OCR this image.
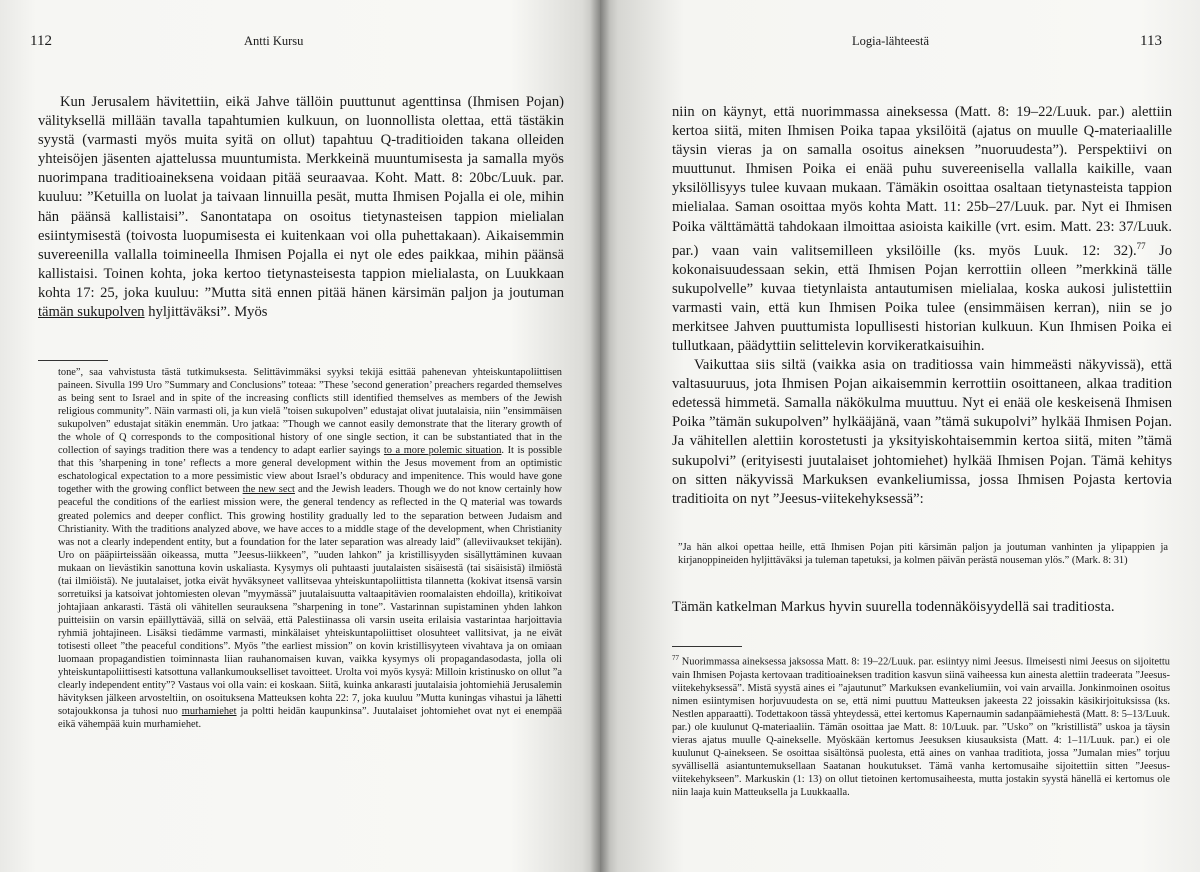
112	Antti Kursu

Kun Jerusalem hävitettiin, eikä Jahve tällöin puuttunut agenttinsa (Ihmisen Pojan) välityksellä millään tavalla tapahtumien kulkuun, on luonnollista olettaa, että tästäkin syystä (varmasti myös muita syitä on ollut) tapahtuu Q-traditioiden takana olleiden yhteisöjen jäsenten ajattelussa muuntumista. Merkkeinä muuntumisesta ja samalla myös nuorimpana traditioaineksena voidaan pitää seuraavaa. Koht. Matt. 8: 20bc/Luuk. par. kuuluu: ”Ketuilla on luolat ja taivaan linnuilla pesät, mutta Ihmisen Pojalla ei ole, mihin hän päänsä kallistaisi”. Sanontatapa on osoitus tietynasteisen tappion mielialan esiintymisestä (toivosta luopumisesta ei kuitenkaan voi olla puhettakaan). Aikaisemmin suvereenilla vallalla toimineella Ihmisen Pojalla ei nyt ole edes paikkaa, mihin päänsä kallistaisi. Toinen kohta, joka kertoo tietynasteisesta tappion mielialasta, on Luukkaan kohta 17: 25, joka kuuluu: ”Mutta sitä ennen pitää hänen kärsimän paljon ja joutuman tämän sukupolven hyljittäväksi”. Myös

tone”, saa vahvistusta tästä tutkimuksesta. Selittävimmäksi syyksi tekijä esittää pahenevan yhteiskuntapoliittisen paineen. Sivulla 199 Uro ”Summary and Conclusions” toteaa: ”These ’second generation’ preachers regarded themselves as being sent to Israel and in spite of the increasing conflicts still identified themselves as members of the Jewish religious community”. Näin varmasti oli, ja kun vielä ”toisen sukupolven” edustajat olivat juutalaisia, niin ”ensimmäisen sukupolven” edustajat sitäkin enemmän. Uro jatkaa: ”Though we cannot easily demonstrate that the literary growth of the whole of Q corresponds to the compositional history of one single section, it can be substantiated that in the collection of sayings tradition there was a tendency to adapt earlier sayings to a more polemic situation. It is possible that this ’sharpening in tone’ reflects a more general development within the Jesus movement from an optimistic eschatological expectation to a more pessimistic view about Israel’s obduracy and impenitence. This would have gone together with the growing conflict between the new sect and the Jewish leaders. Though we do not know certainly how peaceful the conditions of the earliest mission were, the general tendency as reflected in the Q material was towards greated polemics and deeper conflict. This growing hostility gradually led to the separation between Judaism and Christianity. With the traditions analyzed above, we have acces to a middle stage of the development, when Christianity was not a clearly independent entity, but a foundation for the later separation was already laid” (alleviivaukset tekijän). Uro on pääpiirteissään oikeassa, mutta ”Jeesus-liikkeen”, ”uuden lahkon” ja kristillisyyden sisällyttäminen kuvaan mukaan on lievästikin sanottuna kovin uskaliasta. Kysymys oli puhtaasti juutalaisten sisäisestä (tai sisäisistä) ilmiöstä (tai ilmiöistä). Ne juutalaiset, jotka eivät hyväksyneet vallitsevaa yhteiskuntapoliittista tilannetta (kokivat itsensä varsin sorretuiksi ja katsoivat johtomiesten olevan ”myymässä” juutalaisuutta valtaapitävien roomalaisten ehdoilla), kritikoivat johtajiaan ankarasti. Tästä oli vähitellen seurauksena ”sharpening in tone”. Vastarinnan supistaminen yhden lahkon puitteisiin on varsin epäillyttävää, sillä on selvää, että Palestiinassa oli varsin useita erilaisia vastarintaa harjoittavia ryhmiä johtajineen. Lisäksi tiedämme varmasti, minkälaiset yhteiskuntapoliittiset olosuhteet vallitsivat, ja ne eivät totisesti olleet ”the peaceful conditions”. Myös ”the earliest mission” on kovin kristillisyyteen vivahtava ja on omiaan luomaan propagandistien toiminnasta liian rauhanomaisen kuvan, vaikka kysymys oli propagandasodasta, jolla oli yhteiskuntapoliittisesti katsottuna vallankumoukselliset tavoitteet. Urolta voi myös kysyä: Milloin kristinusko on ollut ”a clearly independent entity”? Vastaus voi olla vain: ei koskaan. Siitä, kuinka ankarasti juutalaisia johtomiehiä Jerusalemin hävityksen jälkeen arvosteltiin, on osoituksena Matteuksen kohta 22: 7, joka kuuluu ”Mutta kuningas vihastui ja lähetti sotajoukkonsa ja tuhosi nuo murhamiehet ja poltti heidän kaupunkinsa”. Juutalaiset johtomiehet ovat nyt ei enempää eikä vähempää kuin murhamiehet.

Logia-lähteestä	113

niin on käynyt, että nuorimmassa aineksessa (Matt. 8: 19–22/Luuk. par.) alettiin kertoa siitä, miten Ihmisen Poika tapaa yksilöitä (ajatus on muulle Q-materiaalille täysin vieras ja on samalla osoitus aineksen ”nuoruudesta”). Perspektiivi on muuttunut. Ihmisen Poika ei enää puhu suvereenisella vallalla kaikille, vaan yksilöllisyys tulee kuvaan mukaan. Tämäkin osoittaa osaltaan tietynasteista tappion mielialaa. Saman osoittaa myös kohta Matt. 11: 25b–27/Luuk. par. Nyt ei Ihmisen Poika välttämättä tahdokaan ilmoittaa asioista kaikille (vrt. esim. Matt. 23: 37/Luuk. par.) vaan vain valitsemilleen yksilöille (ks. myös Luuk. 12: 32).$^{77}$ Jo kokonaisuudessaan sekin, että Ihmisen Pojan kerrottiin olleen ”merkkinä tälle sukupolvelle” kuvaa tietynlaista antautumisen mielialaa, koska aukosi julistettiin varmasti vain, että kun Ihmisen Poika tulee (ensimmäisen kerran), niin se jo merkitsee Jahven puuttumista lopullisesti historian kulkuun. Kun Ihmisen Poika ei tullutkaan, päädyttiin selittelevin korvikeratkaisuihin.

Vaikuttaa siis siltä (vaikka asia on traditiossa vain himmeästi näkyvissä), että valtasuuruus, jota Ihmisen Pojan aikaisemmin kerrottiin osoittaneen, alkaa tradition edetessä himmetä. Samalla näkökulma muuttuu. Nyt ei enää ole keskeisenä Ihmisen Poika ”tämän sukupolven” hylkääjänä, vaan ”tämä sukupolvi” hylkää Ihmisen Pojan. Ja vähitellen alettiin korostetusti ja yksityiskohtaisemmin kertoa siitä, miten ”tämä sukupolvi” (erityisesti juutalaiset johtomiehet) hylkää Ihmisen Pojan. Tämä kehitys on sitten näkyvissä Markuksen evankeliumissa, jossa Ihmisen Pojasta kertovia traditioita on nyt ”Jeesus-viitekehyksessä”:

”Ja hän alkoi opettaa heille, että Ihmisen Pojan piti kärsimän paljon ja joutuman vanhinten ja ylipappien ja kirjanoppineiden hyljittäväksi ja tuleman tapetuksi, ja kolmen päivän perästä nouseman ylös.” (Mark. 8: 31)

Tämän katkelman Markus hyvin suurella todennäköisyydellä sai traditiosta.

$^{77}$ Nuorimmassa aineksessa jaksossa Matt. 8: 19–22/Luuk. par. esiintyy nimi Jeesus. Ilmeisesti nimi Jeesus on sijoitettu vain Ihmisen Pojasta kertovaan traditioaineksen tradition kasvun siinä vaiheessa kun ainesta alettiin tradeerata ”Jeesus-viitekehyksessä”. Mistä syystä aines ei ”ajautunut” Markuksen evankeliumiin, voi vain arvailla. Jonkinmoinen osoitus nimen esiintymisen horjuvuudesta on se, että nimi puuttuu Matteuksen jakeesta 22 joissakin käsikirjoituksissa (ks. Nestlen apparaatti). Todettakoon tässä yhteydessä, ettei kertomus Kapernaumin sadanpäämiehestä (Matt. 8: 5–13/Luuk. par.) ole kuulunut Q-materiaaliin. Tämän osoittaa jae Matt. 8: 10/Luuk. par. ”Usko” on ”kristillistä” uskoa ja täysin vieras ajatus muulle Q-ainekselle. Myöskään kertomus Jeesuksen kiusauksista (Matt. 4: 1–11/Luuk. par.) ei ole kuulunut Q-ainekseen. Se osoittaa sisältönsä puolesta, että aines on vanhaa traditiota, jossa ”Jumalan mies” torjuu syvällisellä asiantuntemuksellaan Saatanan houkutukset. Tämä vanha kertomusaihe sijoitettiin sitten ”Jeesus-viitekehykseen”. Markuskin (1: 13) on ollut tietoinen kertomusaiheesta, mutta jostakin syystä hänellä ei kertomus ole niin laaja kuin Matteuksella ja Luukkaalla.
